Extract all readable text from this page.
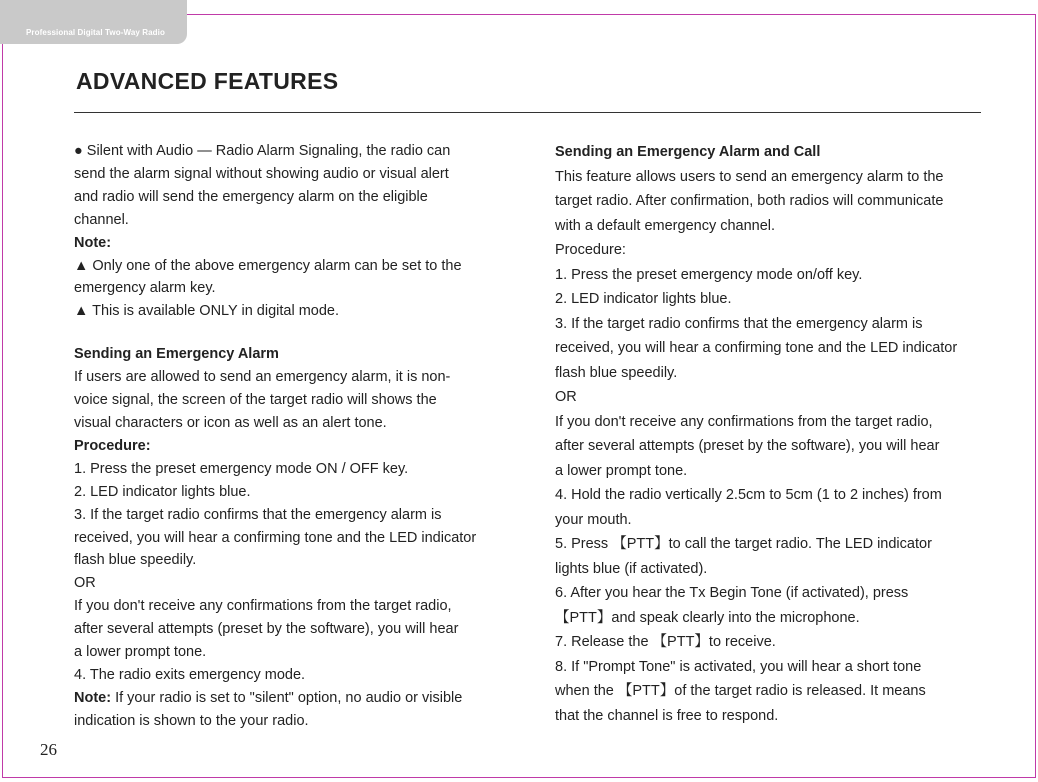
Professional Digital Two-Way Radio
ADVANCED FEATURES

● Silent with Audio — Radio Alarm Signaling, the radio can

send the alarm signal without showing audio or visual alert

and radio will send the emergency alarm on the eligible

channel.

Note:

▲ Only one of the above emergency alarm can be set to the

emergency alarm key.

▲ This is available ONLY in digital mode.

Sending an Emergency Alarm

If users are allowed to send an emergency alarm, it is non-

voice signal, the screen of the target radio will shows the

visual characters or icon as well as an alert tone.

Procedure:

1. Press the preset emergency mode ON / OFF key.

2. LED indicator lights blue.

3. If the target radio confirms that the emergency alarm is

received, you will hear a confirming tone and the LED indicator

flash blue speedily.

OR

If you don't receive any confirmations from the target radio,

after several attempts (preset by the software), you will hear

a lower prompt tone.

4. The radio exits emergency mode.

Note: If your radio is set to "silent" option, no audio or visible

indication is shown to the your radio.

Sending an Emergency Alarm and Call

This feature allows users to send an emergency alarm to the

target radio. After confirmation, both radios will communicate

with a default emergency channel.

Procedure:

1. Press the preset emergency mode on/off key.

2. LED indicator lights blue.

3. If the target radio confirms that the emergency alarm is

received, you will hear a confirming tone and the LED indicator

flash blue speedily.

OR

If you don't receive any confirmations from the target radio,

after several attempts (preset by the software), you will hear

a lower prompt tone.

4. Hold the radio vertically 2.5cm to 5cm (1 to 2 inches) from

your mouth.

5. Press 【PTT】to call the target radio. The LED indicator

lights blue (if activated).

6. After you hear the Tx Begin Tone (if activated), press

【PTT】and speak clearly into the microphone.

7. Release the 【PTT】to receive.

8. If "Prompt Tone" is activated, you will hear a short tone

when the 【PTT】of the target radio is released. It means

that the channel is free to respond.

26
